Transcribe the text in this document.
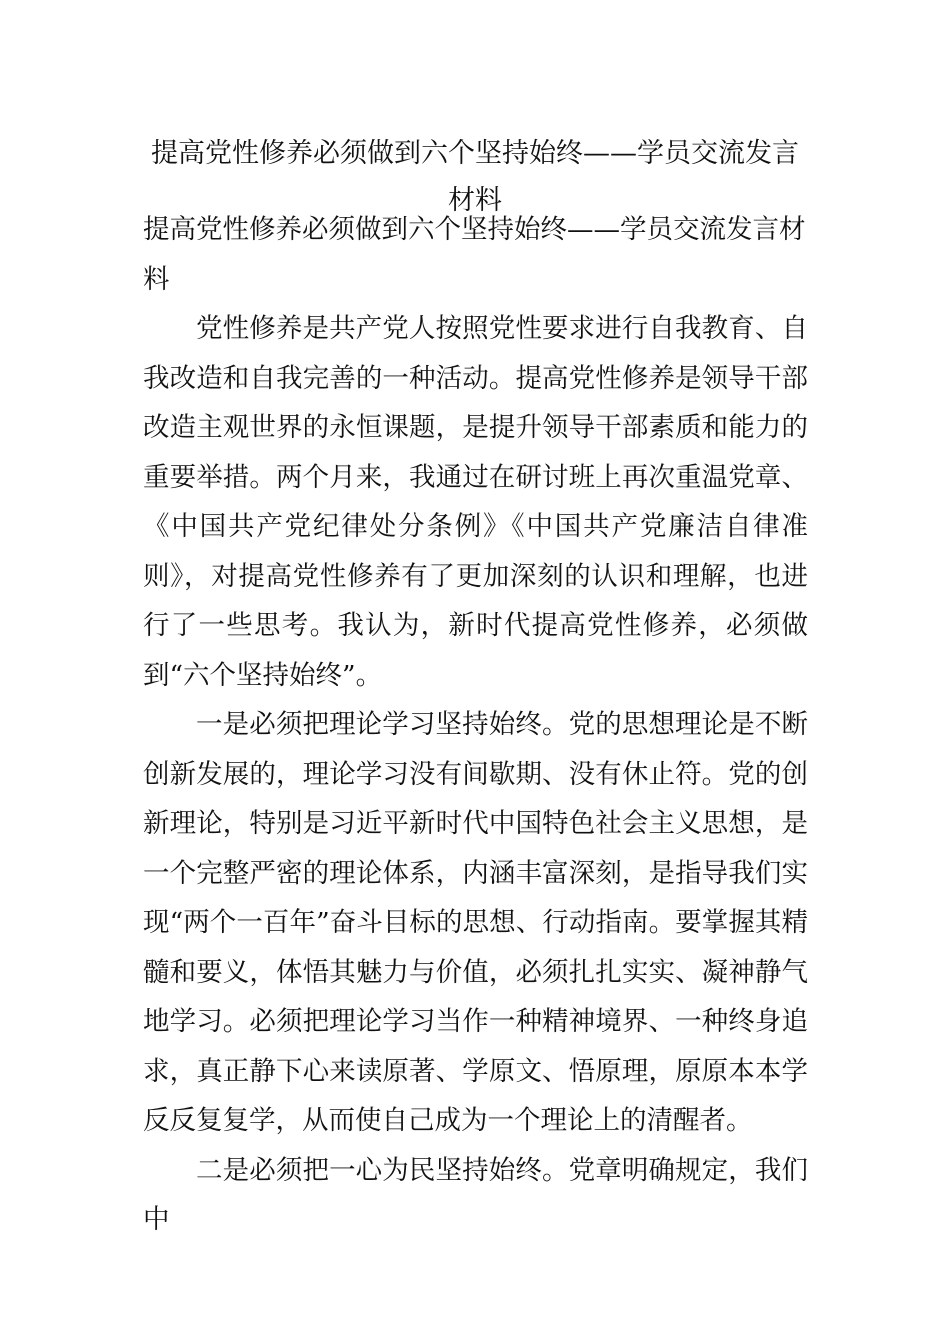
提高党性修养必须做到六个坚持始终——学员交流发言材料
提高党性修养必须做到六个坚持始终——学员交流发言材料

党性修养是共产党人按照党性要求进行自我教育、自我改造和自我完善的一种活动。提高党性修养是领导干部改造主观世界的永恒课题，是提升领导干部素质和能力的重要举措。两个月来，我通过在研讨班上再次重温党章、《中国共产党纪律处分条例》《中国共产党廉洁自律准则》，对提高党性修养有了更加深刻的认识和理解，也进行了一些思考。我认为，新时代提高党性修养，必须做到“六个坚持始终”。

一是必须把理论学习坚持始终。党的思想理论是不断创新发展的，理论学习没有间歇期、没有休止符。党的创新理论，特别是习近平新时代中国特色社会主义思想，是一个完整严密的理论体系，内涵丰富深刻，是指导我们实现“两个一百年”奋斗目标的思想、行动指南。要掌握其精髓和要义，体悟其魅力与价值，必须扎扎实实、凝神静气地学习。必须把理论学习当作一种精神境界、一种终身追求，真正静下心来读原著、学原文、悟原理，原原本本学反反复复学，从而使自己成为一个理论上的清醒者。

二是必须把一心为民坚持始终。党章明确规定，我们中
